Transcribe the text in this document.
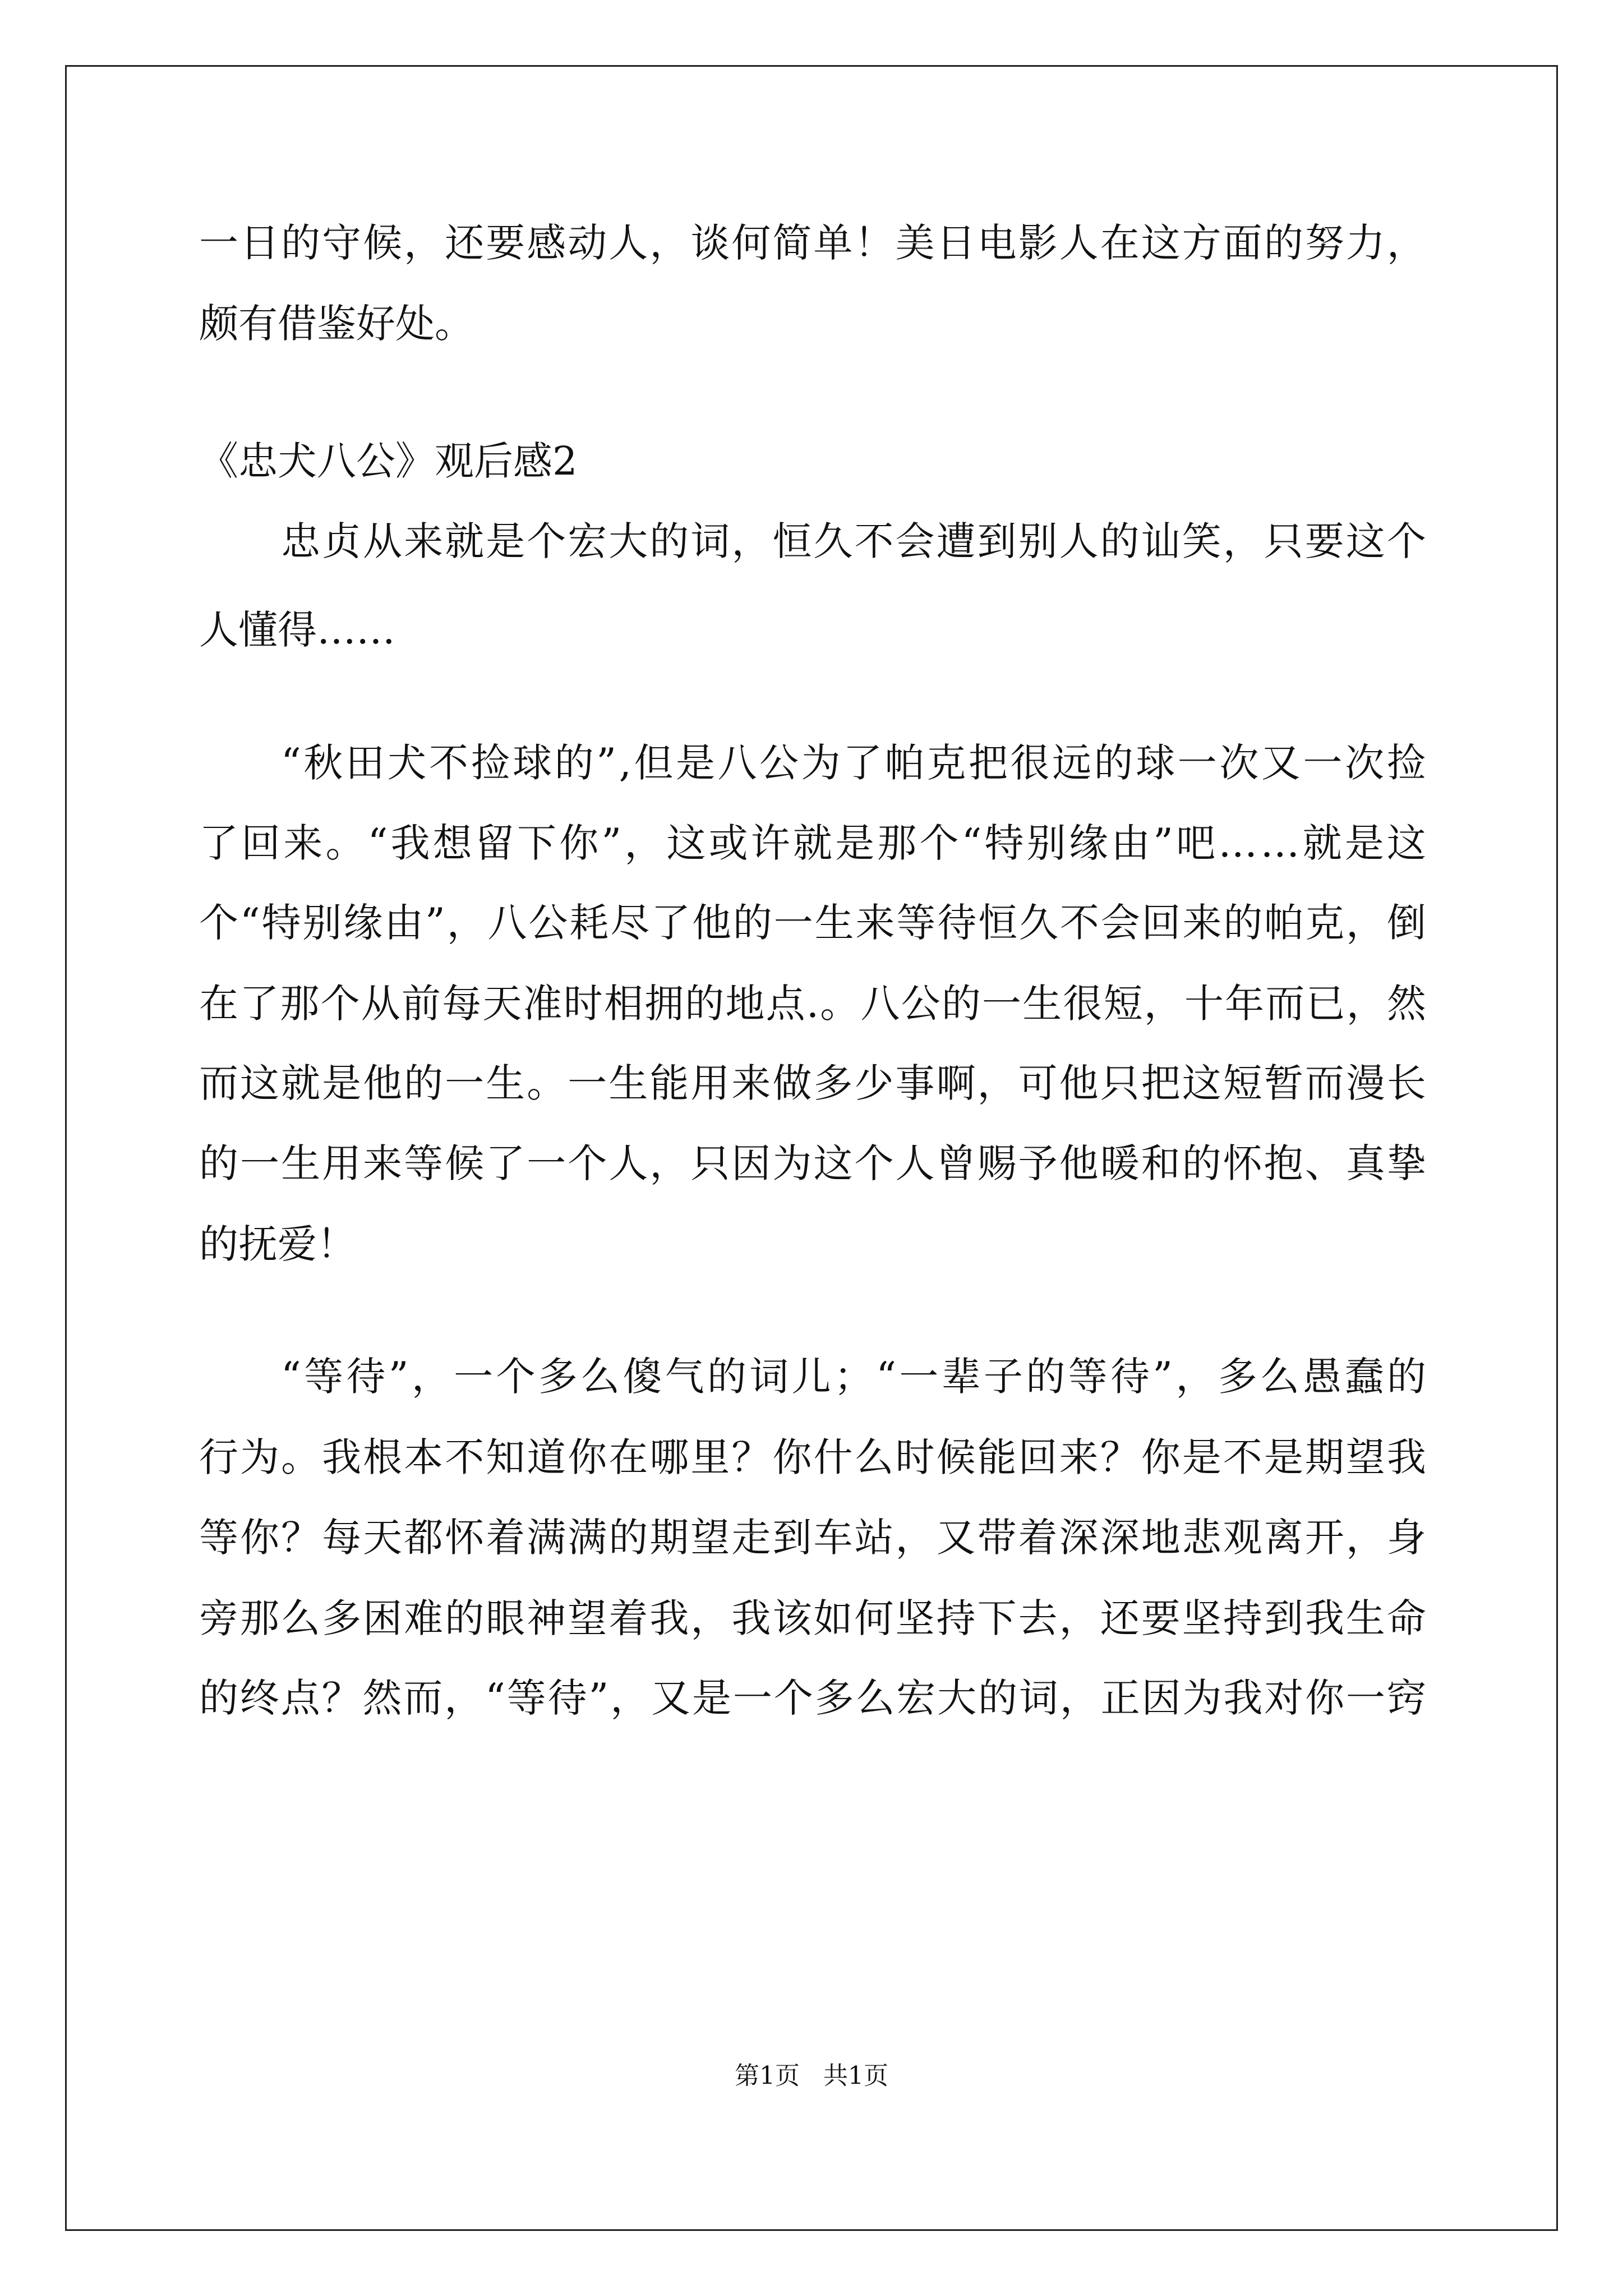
一 日 的 守 候 ， 还 要 感 动 人 ， 谈 何 简 单 ！ 美 日 电 影 人 在 这 方 面 的 努 力 ，
颇有借鉴好处。
《忠犬八公》观后感2
忠 贞 从 来 就 是 个 宏 大 的 词 ， 恒 久 不 会 遭 到 别 人 的 讪 笑 ， 只 要 这 个
人懂得……
“ 秋 田 犬 不 捡 球 的 ” , 但 是 八 公 为 了 帕 克 把 很 远 的 球 一 次 又 一 次 捡
了 回 来 。 “ 我 想 留 下 你 ” ， 这 或 许 就 是 那 个 “ 特 别 缘 由 ” 吧 … … 就 是 这
个 “ 特 别 缘 由 ” ， 八 公 耗 尽 了 他 的 一 生 来 等 待 恒 久 不 会 回 来 的 帕 克 ， 倒
在 了 那 个 从 前 每 天 准 时 相 拥 的 地 点 . 。 八 公 的 一 生 很 短 ， 十 年 而 已 ， 然
而 这 就 是 他 的 一 生 。 一 生 能 用 来 做 多 少 事 啊 ， 可 他 只 把 这 短 暂 而 漫 长
的 一 生 用 来 等 候 了 一 个 人 ， 只 因 为 这 个 人 曾 赐 予 他 暖 和 的 怀 抱 、 真 挚
的抚爱！
“ 等 待 ” ， 一 个 多 么 傻 气 的 词 儿 ； “ 一 辈 子 的 等 待 ” ， 多 么 愚 蠢 的
行 为 。 我 根 本 不 知 道 你 在 哪 里 ？ 你 什 么 时 候 能 回 来 ？ 你 是 不 是 期 望 我
等 你 ？ 每 天 都 怀 着 满 满 的 期 望 走 到 车 站 ， 又 带 着 深 深 地 悲 观 离 开 ， 身
旁 那 么 多 困 难 的 眼 神 望 着 我 ， 我 该 如 何 坚 持 下 去 ， 还 要 坚 持 到 我 生 命
的 终 点 ？ 然 而 ， “ 等 待 ” ， 又 是 一 个 多 么 宏 大 的 词 ， 正 因 为 我 对 你 一 窍
第1页   共1页
